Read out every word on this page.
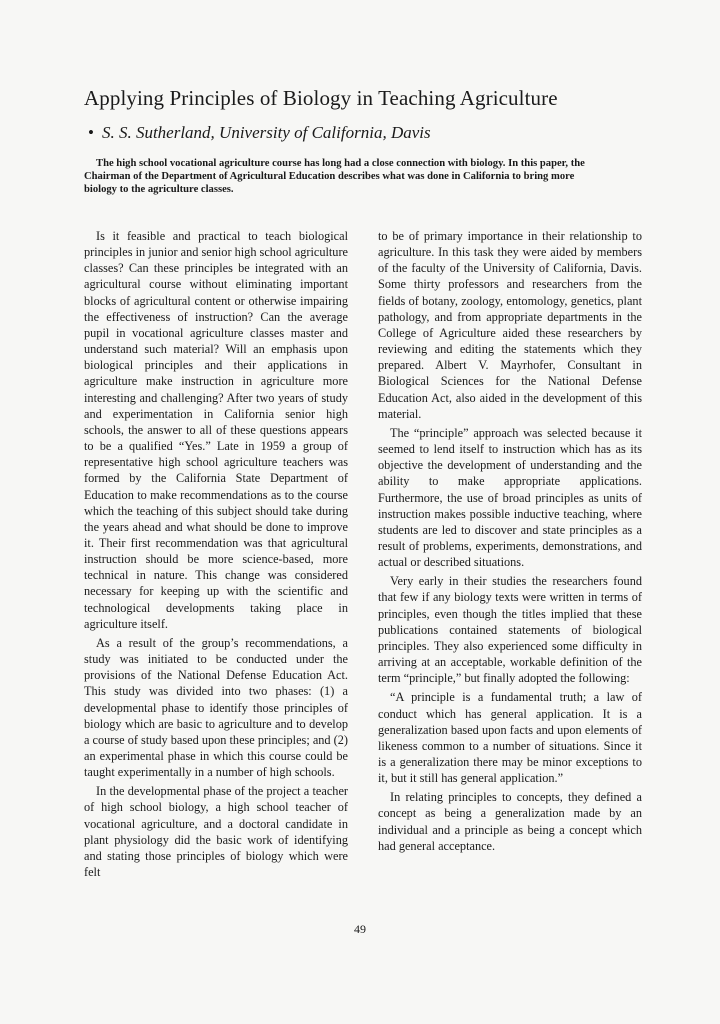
Applying Principles of Biology in Teaching Agriculture

• S. S. Sutherland, University of California, Davis

The high school vocational agriculture course has long had a close connection with biology. In this paper, the Chairman of the Department of Agricultural Education describes what was done in California to bring more biology to the agriculture classes.

Is it feasible and practical to teach biological principles in junior and senior high school agriculture classes? Can these principles be integrated with an agricultural course without eliminating important blocks of agricultural content or otherwise impairing the effectiveness of instruction? Can the average pupil in vocational agriculture classes master and understand such material? Will an emphasis upon biological principles and their applications in agriculture make instruction in agriculture more interesting and challenging? After two years of study and experimentation in California senior high schools, the answer to all of these questions appears to be a qualified “Yes.” Late in 1959 a group of representative high school agriculture teachers was formed by the California State Department of Education to make recommendations as to the course which the teaching of this subject should take during the years ahead and what should be done to improve it. Their first recommendation was that agricultural instruction should be more science-based, more technical in nature. This change was considered necessary for keeping up with the scientific and technological developments taking place in agriculture itself.

As a result of the group’s recommendations, a study was initiated to be conducted under the provisions of the National Defense Education Act. This study was divided into two phases: (1) a developmental phase to identify those principles of biology which are basic to agriculture and to develop a course of study based upon these principles; and (2) an experimental phase in which this course could be taught experimentally in a number of high schools.

In the developmental phase of the project a teacher of high school biology, a high school teacher of vocational agriculture, and a doctoral candidate in plant physiology did the basic work of identifying and stating those principles of biology which were felt

to be of primary importance in their relationship to agriculture. In this task they were aided by members of the faculty of the University of California, Davis. Some thirty professors and researchers from the fields of botany, zoology, entomology, genetics, plant pathology, and from appropriate departments in the College of Agriculture aided these researchers by reviewing and editing the statements which they prepared. Albert V. Mayrhofer, Consultant in Biological Sciences for the National Defense Education Act, also aided in the development of this material.

The “principle” approach was selected because it seemed to lend itself to instruction which has as its objective the development of understanding and the ability to make appropriate applications. Furthermore, the use of broad principles as units of instruction makes possible inductive teaching, where students are led to discover and state principles as a result of problems, experiments, demonstrations, and actual or described situations.

Very early in their studies the researchers found that few if any biology texts were written in terms of principles, even though the titles implied that these publications contained statements of biological principles. They also experienced some difficulty in arriving at an acceptable, workable definition of the term “principle,” but finally adopted the following:

“A principle is a fundamental truth; a law of conduct which has general application. It is a generalization based upon facts and upon elements of likeness common to a number of situations. Since it is a generalization there may be minor exceptions to it, but it still has general application.”

In relating principles to concepts, they defined a concept as being a generalization made by an individual and a principle as being a concept which had general acceptance.

49
